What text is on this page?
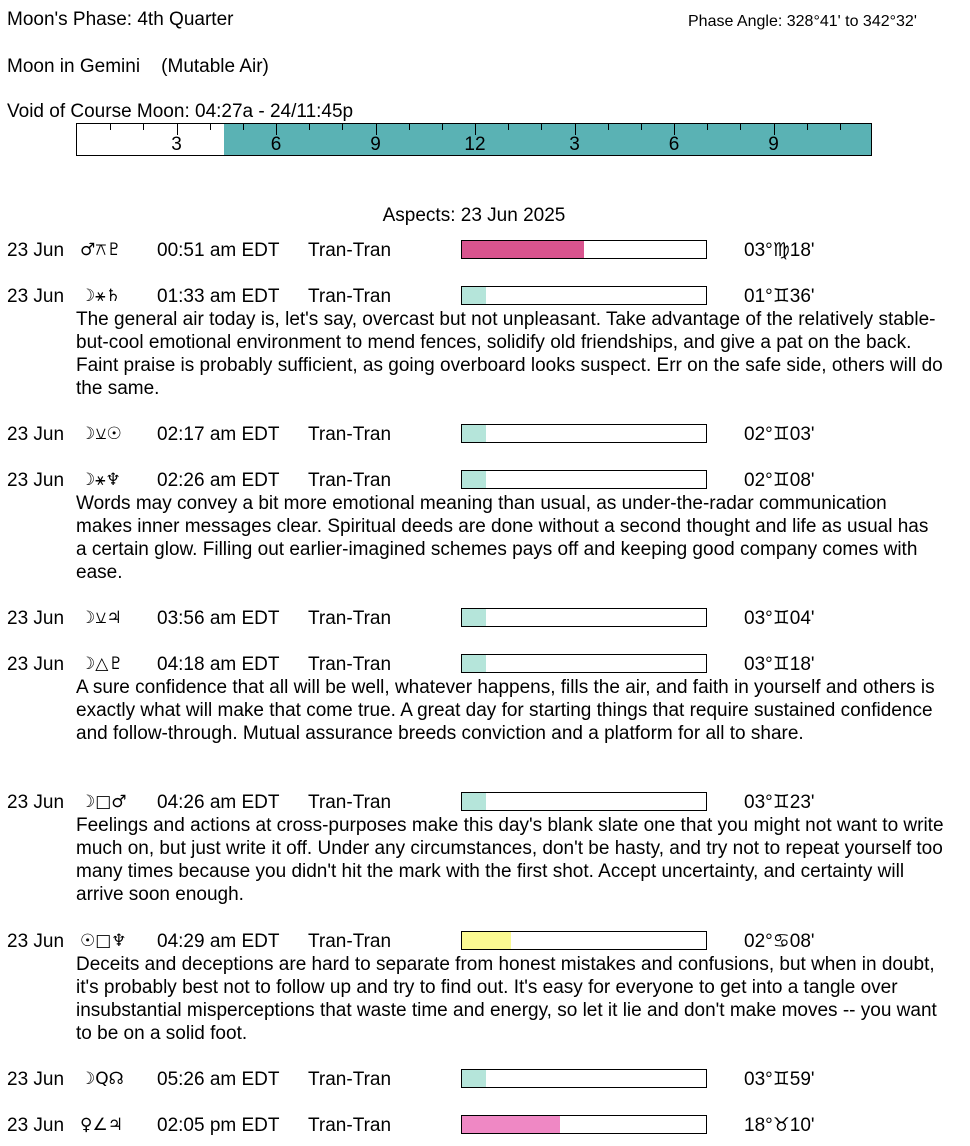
Moon's Phase: 4th Quarter	Phase Angle: 328°41' to 342°32'
Moon in Gemini    (Mutable Air)
Void of Course Moon: 04:27a - 24/11:45p
3	6	9	12	3	6	9
Aspects: 23 Jun 2025
23 Jun ♂⚻♇ 00:51 am EDT Tran-Tran	03°♍18'
23 Jun ☽⚹♄ 01:33 am EDT Tran-Tran	01°♊36'

The general air today is, let's say, overcast but not unpleasant. Take advantage of the relatively stable-but-cool emotional environment to mend fences, solidify old friendships, and give a pat on the back. Faint praise is probably sufficient, as going overboard looks suspect. Err on the safe side, others will do the same.

23 Jun ☽⚺☉ 02:17 am EDT Tran-Tran	02°♊03'
23 Jun ☽⚹♆ 02:26 am EDT Tran-Tran	02°♊08'

Words may convey a bit more emotional meaning than usual, as under-the-radar communication makes inner messages clear. Spiritual deeds are done without a second thought and life as usual has a certain glow. Filling out earlier-imagined schemes pays off and keeping good company comes with ease.

23 Jun ☽⚺♃ 03:56 am EDT Tran-Tran	03°♊04'
23 Jun ☽△♇ 04:18 am EDT Tran-Tran	03°♊18'

A sure confidence that all will be well, whatever happens, fills the air, and faith in yourself and others is exactly what will make that come true. A great day for starting things that require sustained confidence and follow-through. Mutual assurance breeds conviction and a platform for all to share.

23 Jun ☽□♂ 04:26 am EDT Tran-Tran	03°♊23'

Feelings and actions at cross-purposes make this day's blank slate one that you might not want to write much on, but just write it off. Under any circumstances, don't be hasty, and try not to repeat yourself too many times because you didn't hit the mark with the first shot. Accept uncertainty, and certainty will arrive soon enough.

23 Jun ☉□♆ 04:29 am EDT Tran-Tran	02°♋08'

Deceits and deceptions are hard to separate from honest mistakes and confusions, but when in doubt, it's probably best not to follow up and try to find out. It's easy for everyone to get into a tangle over insubstantial misperceptions that waste time and energy, so let it lie and don't make moves -- you want to be on a solid foot.

23 Jun ☽Q☊ 05:26 am EDT Tran-Tran	03°♊59'
23 Jun ♀∠♃ 02:05 pm EDT Tran-Tran	18°♉10'
